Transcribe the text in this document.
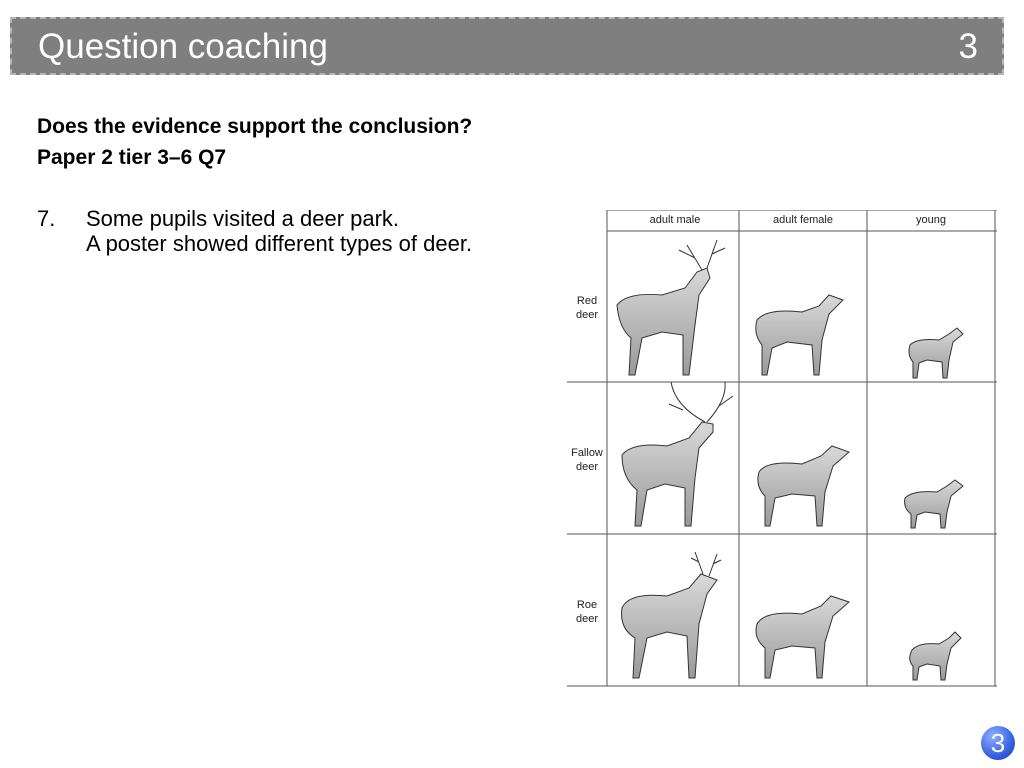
Question coaching	3
Does the evidence support the conclusion?
Paper 2 tier 3–6 Q7
7. Some pupils visited a deer park.
A poster showed different types of deer.
adult male	adult female	young
Red
deer
Fallow
deer
Roe
deer
3
